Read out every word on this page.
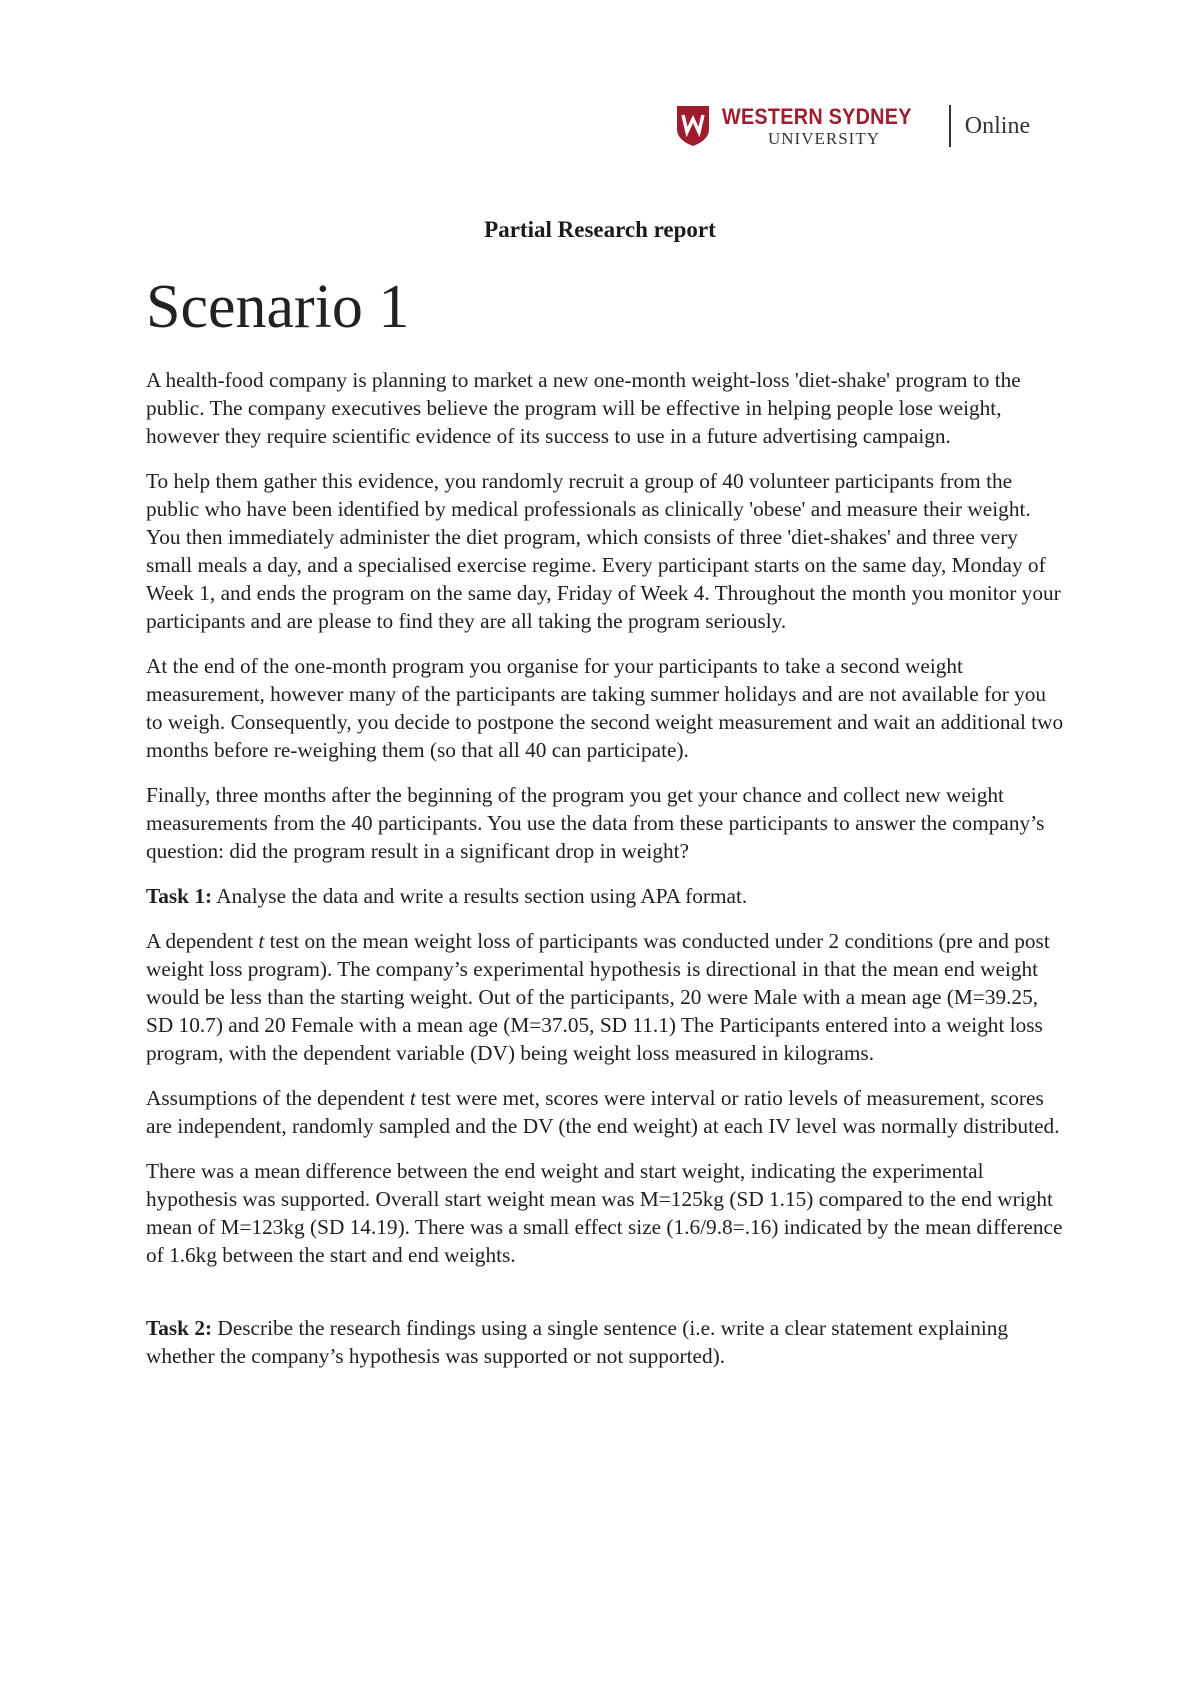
WESTERN SYDNEY
UNIVERSITY	Online
Partial Research report
Scenario 1

A health-food company is planning to market a new one-month weight-loss 'diet-shake' program to the public. The company executives believe the program will be effective in helping people lose weight, however they require scientific evidence of its success to use in a future advertising campaign.

To help them gather this evidence, you randomly recruit a group of 40 volunteer participants from the public who have been identified by medical professionals as clinically 'obese' and measure their weight. You then immediately administer the diet program, which consists of three 'diet-shakes' and three very small meals a day, and a specialised exercise regime. Every participant starts on the same day, Monday of Week 1, and ends the program on the same day, Friday of Week 4. Throughout the month you monitor your participants and are please to find they are all taking the program seriously.

At the end of the one-month program you organise for your participants to take a second weight measurement, however many of the participants are taking summer holidays and are not available for you to weigh. Consequently, you decide to postpone the second weight measurement and wait an additional two months before re-weighing them (so that all 40 can participate).

Finally, three months after the beginning of the program you get your chance and collect new weight measurements from the 40 participants. You use the data from these participants to answer the company’s question: did the program result in a significant drop in weight?

Task 1: Analyse the data and write a results section using APA format.

A dependent t test on the mean weight loss of participants was conducted under 2 conditions (pre and post weight loss program). The company’s experimental hypothesis is directional in that the mean end weight would be less than the starting weight. Out of the participants, 20 were Male with a mean age (M=39.25, SD 10.7) and 20 Female with a mean age (M=37.05, SD 11.1) The Participants entered into a weight loss program, with the dependent variable (DV) being weight loss measured in kilograms.

Assumptions of the dependent t test were met, scores were interval or ratio levels of measurement, scores are independent, randomly sampled and the DV (the end weight) at each IV level was normally distributed.

There was a mean difference between the end weight and start weight, indicating the experimental hypothesis was supported. Overall start weight mean was M=125kg (SD 1.15) compared to the end wright mean of M=123kg (SD 14.19). There was a small effect size (1.6/9.8=.16) indicated by the mean difference of 1.6kg between the start and end weights.

Task 2: Describe the research findings using a single sentence (i.e. write a clear statement explaining whether the company’s hypothesis was supported or not supported).
